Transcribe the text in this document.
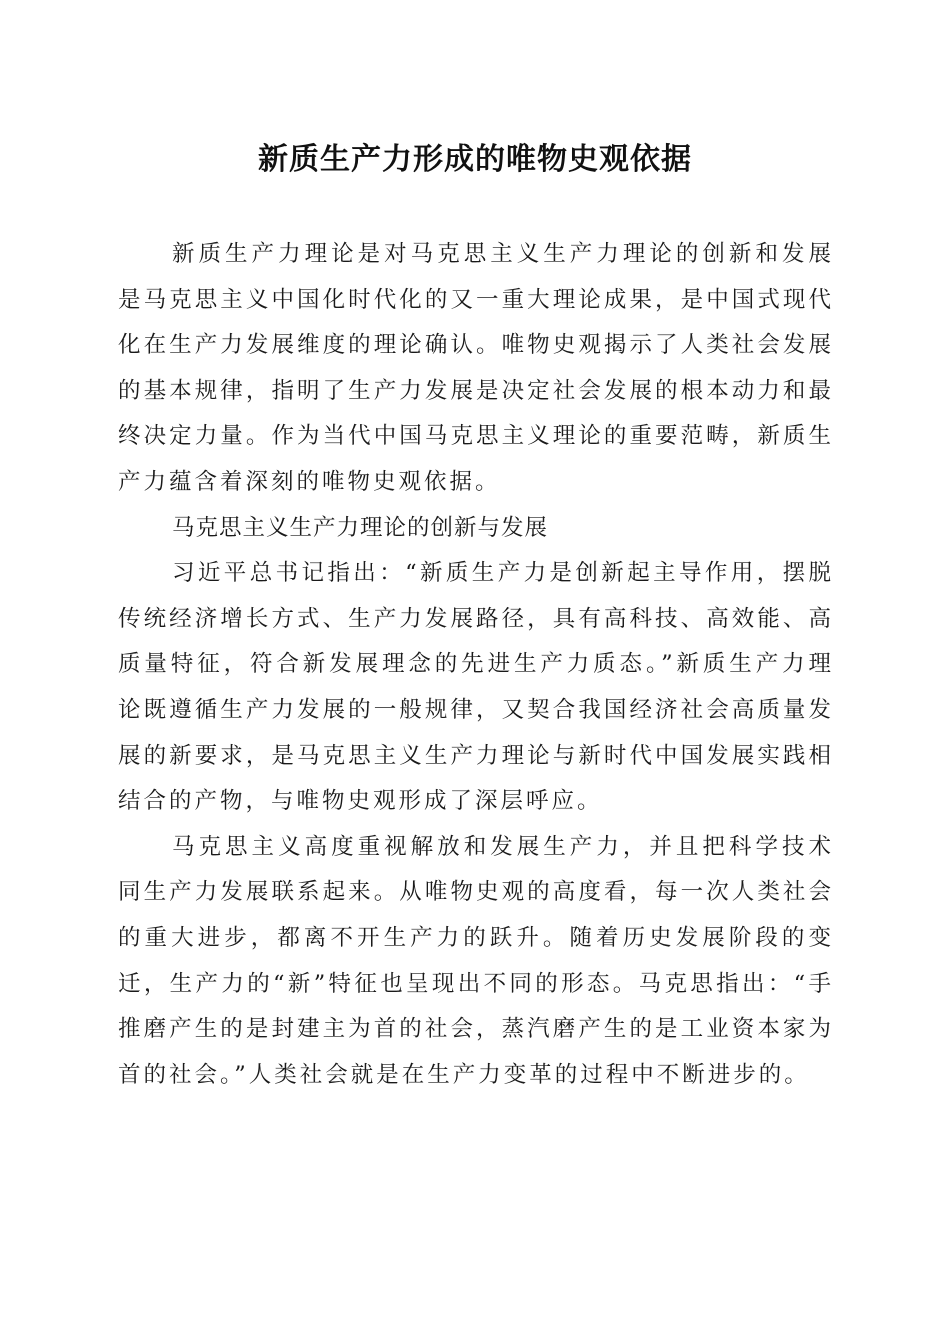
新质生产力形成的唯物史观依据

新质生产力理论是对马克思主义生产力理论的创新和发展是马克思主义中国化时代化的又一重大理论成果，是中国式现代化在生产力发展维度的理论确认。唯物史观揭示了人类社会发展的基本规律，指明了生产力发展是决定社会发展的根本动力和最终决定力量。作为当代中国马克思主义理论的重要范畴，新质生产力蕴含着深刻的唯物史观依据。

马克思主义生产力理论的创新与发展

习近平总书记指出：“新质生产力是创新起主导作用，摆脱传统经济增长方式、生产力发展路径，具有高科技、高效能、高质量特征，符合新发展理念的先进生产力质态。”新质生产力理论既遵循生产力发展的一般规律，又契合我国经济社会高质量发展的新要求，是马克思主义生产力理论与新时代中国发展实践相结合的产物，与唯物史观形成了深层呼应。

马克思主义高度重视解放和发展生产力，并且把科学技术同生产力发展联系起来。从唯物史观的高度看，每一次人类社会的重大进步，都离不开生产力的跃升。随着历史发展阶段的变迁，生产力的“新”特征也呈现出不同的形态。马克思指出：“手推磨产生的是封建主为首的社会，蒸汽磨产生的是工业资本家为首的社会。”人类社会就是在生产力变革的过程中不断进步的。
